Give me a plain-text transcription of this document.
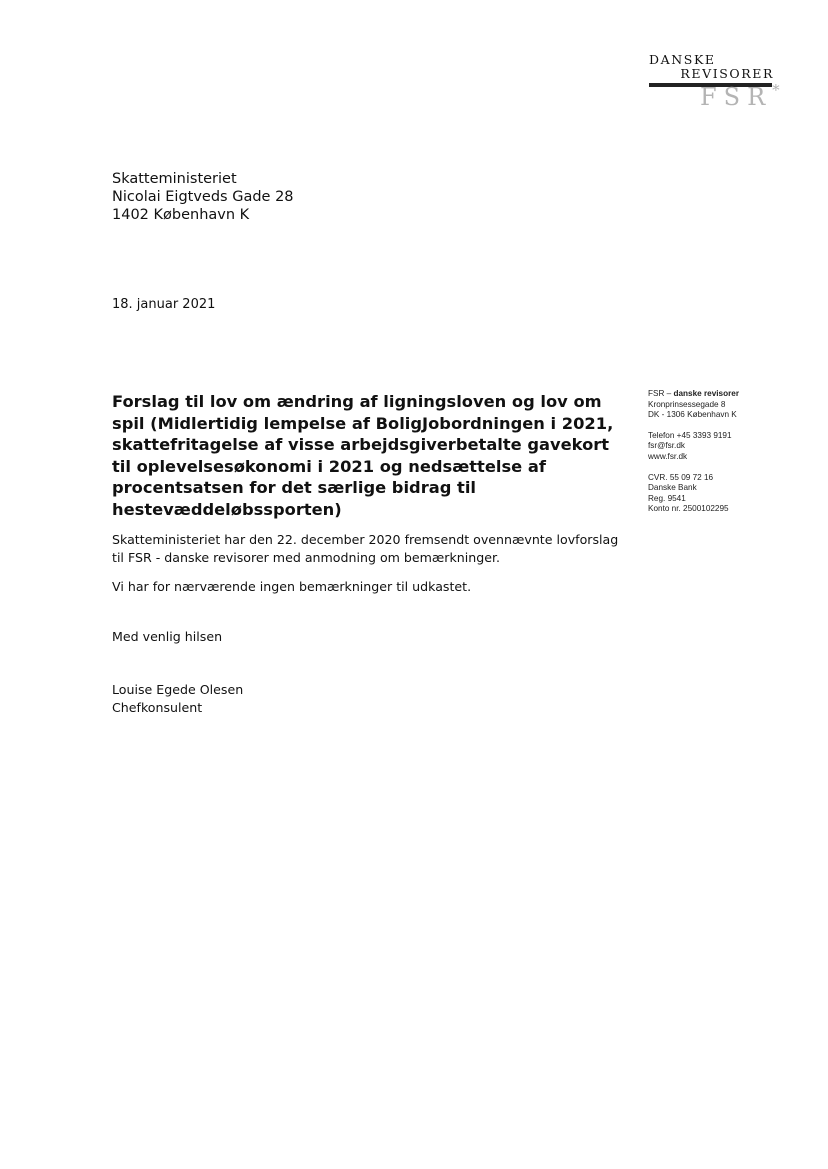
DANSKE
REVISORER
FSR*
Skatteministeriet
Nicolai Eigtveds Gade 28
1402 København K
18. januar 2021
Forslag til lov om ændring af ligningsloven og lov om
spil (Midlertidig lempelse af BoligJobordningen i 2021,
skattefritagelse af visse arbejdsgiverbetalte gavekort
til oplevelsesøkonomi i 2021 og nedsættelse af
procentsatsen for det særlige bidrag til
hestevæddeløbssporten)
FSR – danske revisorer
Kronprinsessegade 8
DK - 1306 København K
Telefon +45 3393 9191
fsr@fsr.dk
www.fsr.dk
CVR. 55 09 72 16
Danske Bank
Reg. 9541
Konto nr. 2500102295
Skatteministeriet har den 22. december 2020 fremsendt ovennævnte lovforslag
til FSR - danske revisorer med anmodning om bemærkninger.
Vi har for nærværende ingen bemærkninger til udkastet.
Med venlig hilsen
Louise Egede Olesen
Chefkonsulent
